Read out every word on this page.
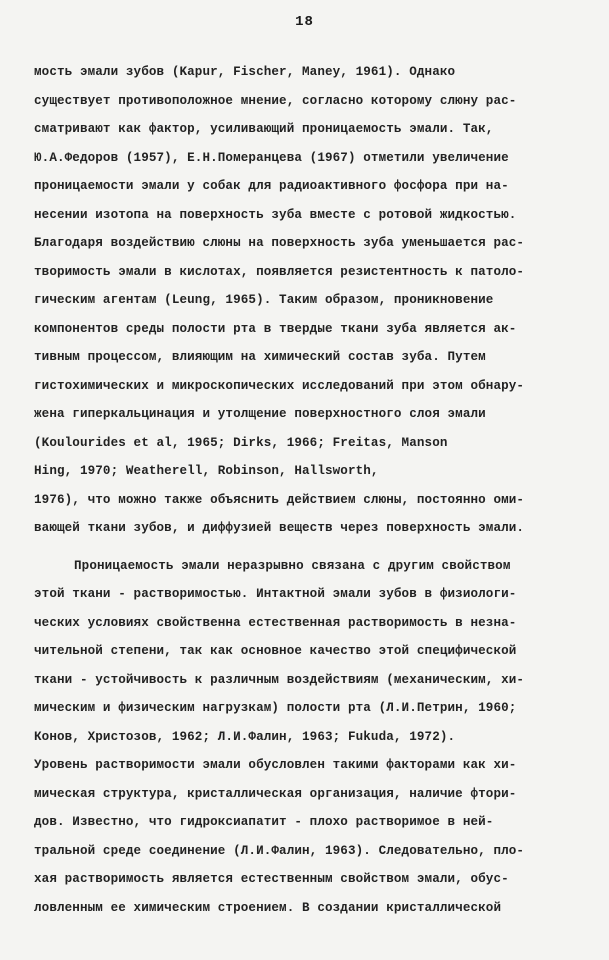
18
мость эмали зубов (Kapur, Fischer, Maney, 1961). Однако
существует противоположное мнение, согласно которому слюну рас-
сматривают как фактор, усиливающий проницаемость эмали. Так,
Ю.А.Федоров (1957), Е.Н.Померанцева (1967) отметили увеличение
проницаемости эмали у собак для радиоактивного фосфора при на-
несении изотопа на поверхность зуба вместе с ротовой жидкостью.
Благодаря воздействию слюны на поверхность зуба уменьшается рас-
творимость эмали в кислотах, появляется резистентность к патоло-
гическим агентам (Leung, 1965). Таким образом, проникновение
компонентов среды полости рта в твердые ткани зуба является ак-
тивным процессом, влияющим на химический состав зуба. Путем
гистохимических и микроскопических исследований при этом обнару-
жена гиперкальцинация и утолщение поверхностного слоя эмали
(Koulourides et al, 1965; Dirks, 1966; Freitas, Manson
Hing, 1970; Weatherell, Robinson, Hallsworth,
1976), что можно также объяснить действием слюны, постоянно оми-
вающей ткани зубов, и диффузией веществ через поверхность эмали.
Проницаемость эмали неразрывно связана с другим свойством
этой ткани - растворимостью. Интактной эмали зубов в физиологи-
ческих условиях свойственна естественная растворимость в незна-
чительной степени, так как основное качество этой специфической
ткани - устойчивость к различным воздействиям (механическим, хи-
мическим и физическим нагрузкам) полости рта (Л.И.Петрин, 1960;
Конов, Христозов, 1962; Л.И.Фалин, 1963; Fukuda, 1972).
Уровень растворимости эмали обусловлен такими факторами как хи-
мическая структура, кристаллическая организация, наличие фтори-
дов. Известно, что гидроксиапатит - плохо растворимое в ней-
тральной среде соединение (Л.И.Фалин, 1963). Следовательно, пло-
хая растворимость является естественным свойством эмали, обус-
ловленным ее химическим строением. В создании кристаллической
